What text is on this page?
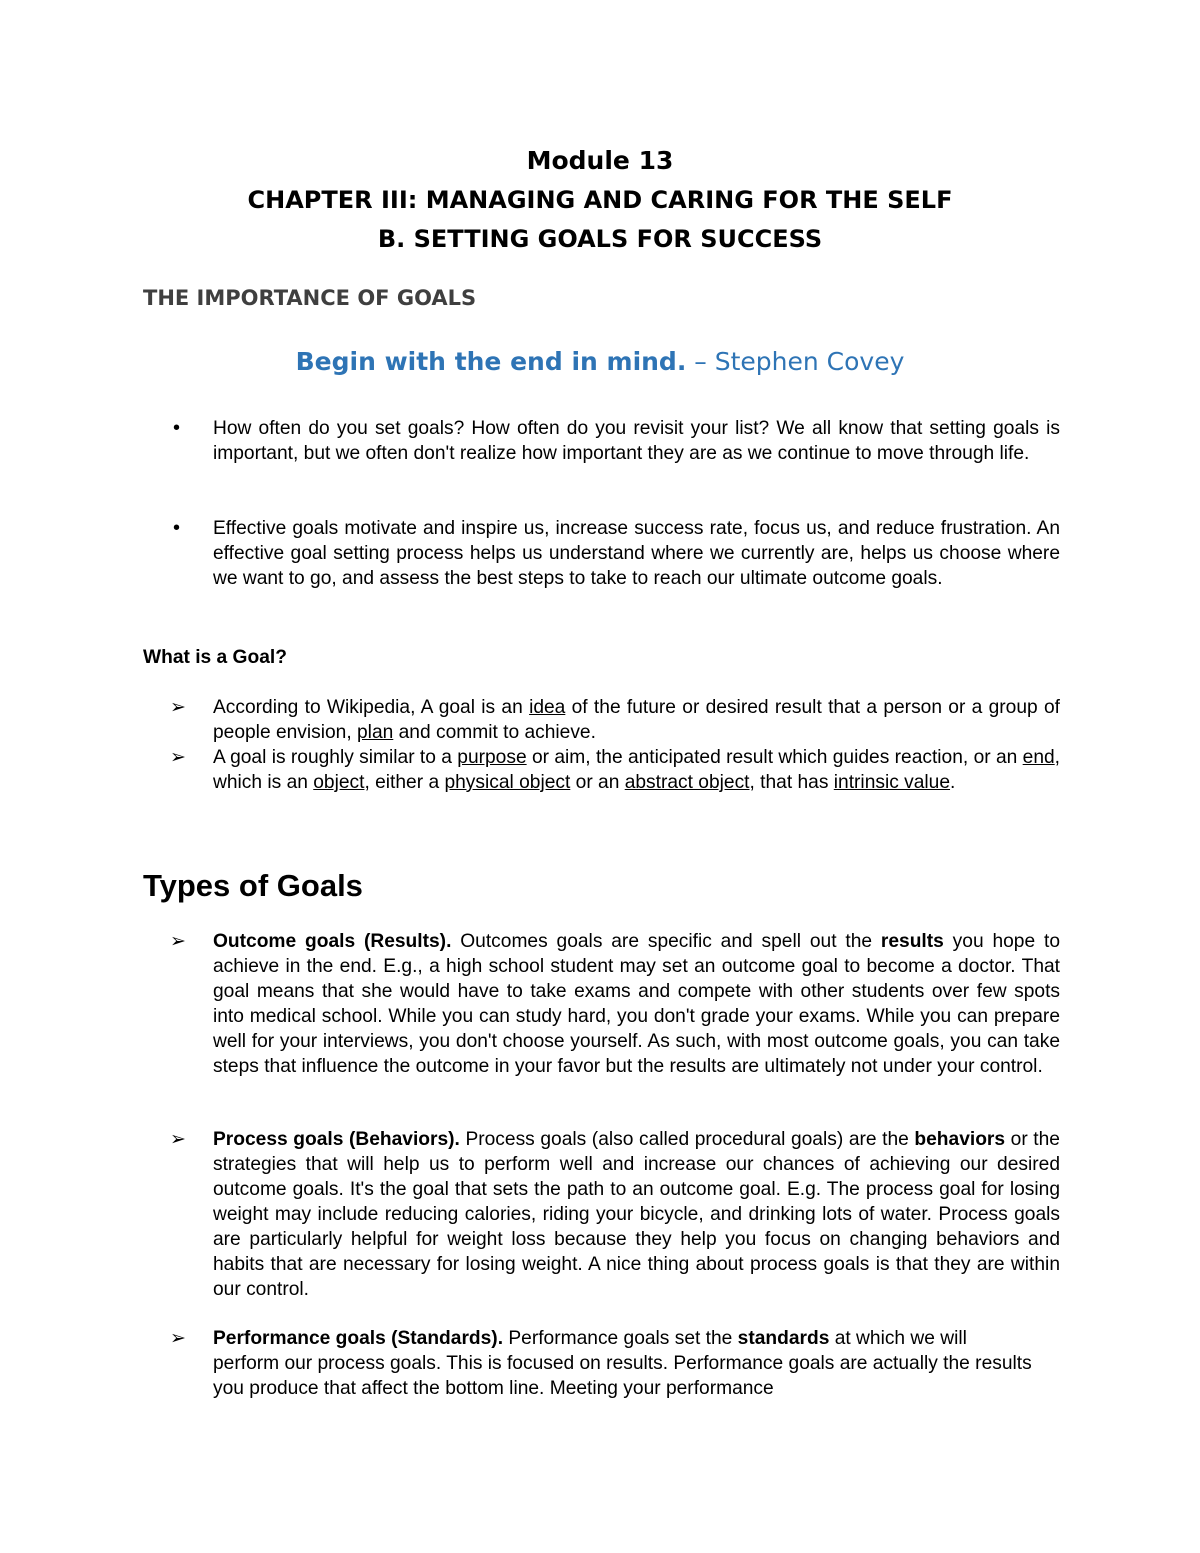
Module 13
CHAPTER III: MANAGING AND CARING FOR THE SELF
B. SETTING GOALS FOR SUCCESS
THE IMPORTANCE OF GOALS

Begin with the end in mind. – Stephen Covey

• How often do you set goals? How often do you revisit your list? We all know that setting goals is important, but we often don't realize how important they are as we continue to move through life.

• Effective goals motivate and inspire us, increase success rate, focus us, and reduce frustration. An effective goal setting process helps us understand where we currently are, helps us choose where we want to go, and assess the best steps to take to reach our ultimate outcome goals.

What is a Goal?
➢ According to Wikipedia, A goal is an idea of the future or desired result that a person or a group of people envision, plan and commit to achieve.

➢ A goal is roughly similar to a purpose or aim, the anticipated result which guides reaction, or an end, which is an object, either a physical object or an abstract object, that has intrinsic value.

Types of Goals
➢ Outcome goals (Results). Outcomes goals are specific and spell out the results you hope to achieve in the end. E.g., a high school student may set an outcome goal to become a doctor. That goal means that she would have to take exams and compete with other students over few spots into medical school. While you can study hard, you don't grade your exams. While you can prepare well for your interviews, you don't choose yourself. As such, with most outcome goals, you can take steps that influence the outcome in your favor but the results are ultimately not under your control.

➢ Process goals (Behaviors). Process goals (also called procedural goals) are the behaviors or the strategies that will help us to perform well and increase our chances of achieving our desired outcome goals. It's the goal that sets the path to an outcome goal. E.g. The process goal for losing weight may include reducing calories, riding your bicycle, and drinking lots of water. Process goals are particularly helpful for weight loss because they help you focus on changing behaviors and habits that are necessary for losing weight. A nice thing about process goals is that they are within our control.

➢ Performance goals (Standards). Performance goals set the standards at which we will perform our process goals. This is focused on results. Performance goals are actually the results you produce that affect the bottom line. Meeting your performance
